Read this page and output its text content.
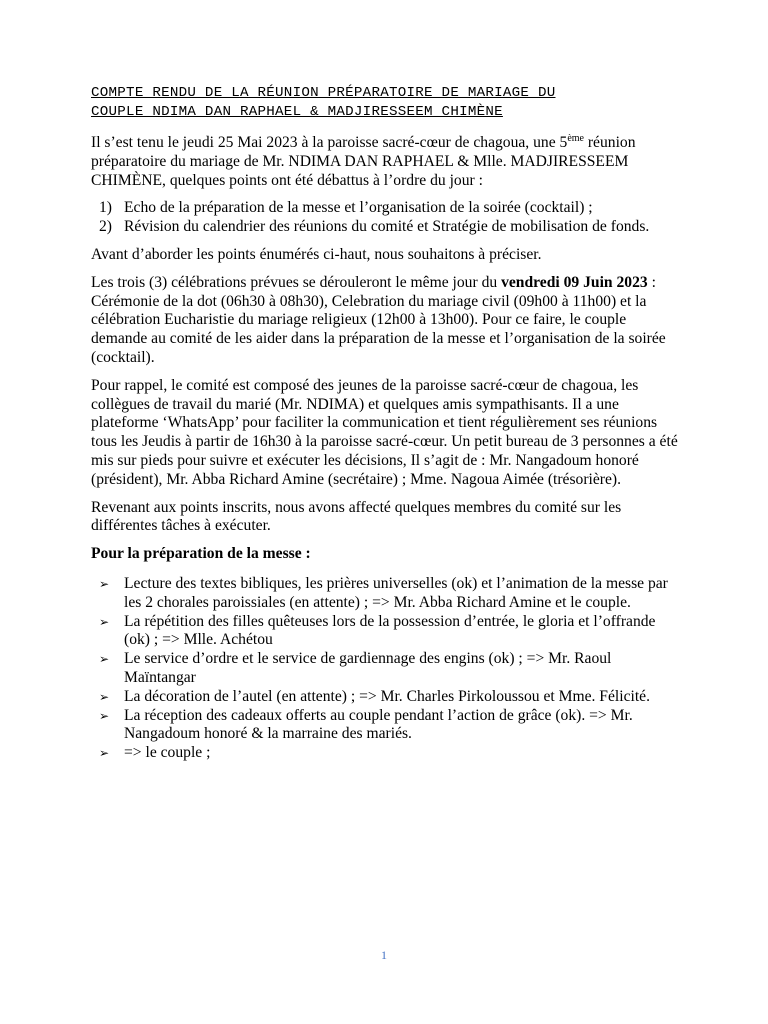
COMPTE RENDU DE LA RÉUNION PRÉPARATOIRE DE MARIAGE DU
COUPLE NDIMA DAN RAPHAEL & MADJIRESSEEM CHIMÈNE

Il s’est tenu le jeudi 25 Mai 2023 à la paroisse sacré-cœur de chagoua, une 5ème réunion préparatoire du mariage de Mr. NDIMA DAN RAPHAEL & Mlle. MADJIRESSEEM CHIMÈNE, quelques points ont été débattus à l’ordre du jour :

1) Echo de la préparation de la messe et l’organisation de la soirée (cocktail) ;
2) Révision du calendrier des réunions du comité et Stratégie de mobilisation de fonds.

Avant d’aborder les points énumérés ci-haut, nous souhaitons à préciser.

Les trois (3) célébrations prévues se dérouleront le même jour du vendredi 09 Juin 2023 : Cérémonie de la dot (06h30 à 08h30), Celebration du mariage civil (09h00 à 11h00) et la célébration Eucharistie du mariage religieux (12h00 à 13h00). Pour ce faire, le couple demande au comité de les aider dans la préparation de la messe et l’organisation de la soirée (cocktail).

Pour rappel, le comité est composé des jeunes de la paroisse sacré-cœur de chagoua, les collègues de travail du marié (Mr. NDIMA) et quelques amis sympathisants. Il a une plateforme ‘WhatsApp’ pour faciliter la communication et tient régulièrement ses réunions tous les Jeudis à partir de 16h30 à la paroisse sacré-cœur. Un petit bureau de 3 personnes a été mis sur pieds pour suivre et exécuter les décisions, Il s’agit de : Mr. Nangadoum honoré (président), Mr. Abba Richard Amine (secrétaire) ; Mme. Nagoua Aimée (trésorière).

Revenant aux points inscrits, nous avons affecté quelques membres du comité sur les différentes tâches à exécuter.

Pour la préparation de la messe :
➢ Lecture des textes bibliques, les prières universelles (ok) et l’animation de la messe par les 2 chorales paroissiales (en attente) ; => Mr. Abba Richard Amine et le couple.
➢ La répétition des filles quêteuses lors de la possession d’entrée, le gloria et l’offrande (ok) ; => Mlle. Achétou
➢ Le service d’ordre et le service de gardiennage des engins (ok) ; => Mr. Raoul Maïntangar
➢ La décoration de l’autel (en attente) ; => Mr. Charles Pirkoloussou et Mme. Félicité.
➢ La réception des cadeaux offerts au couple pendant l’action de grâce (ok). => Mr. Nangadoum honoré & la marraine des mariés.
➢ => le couple ;
1
